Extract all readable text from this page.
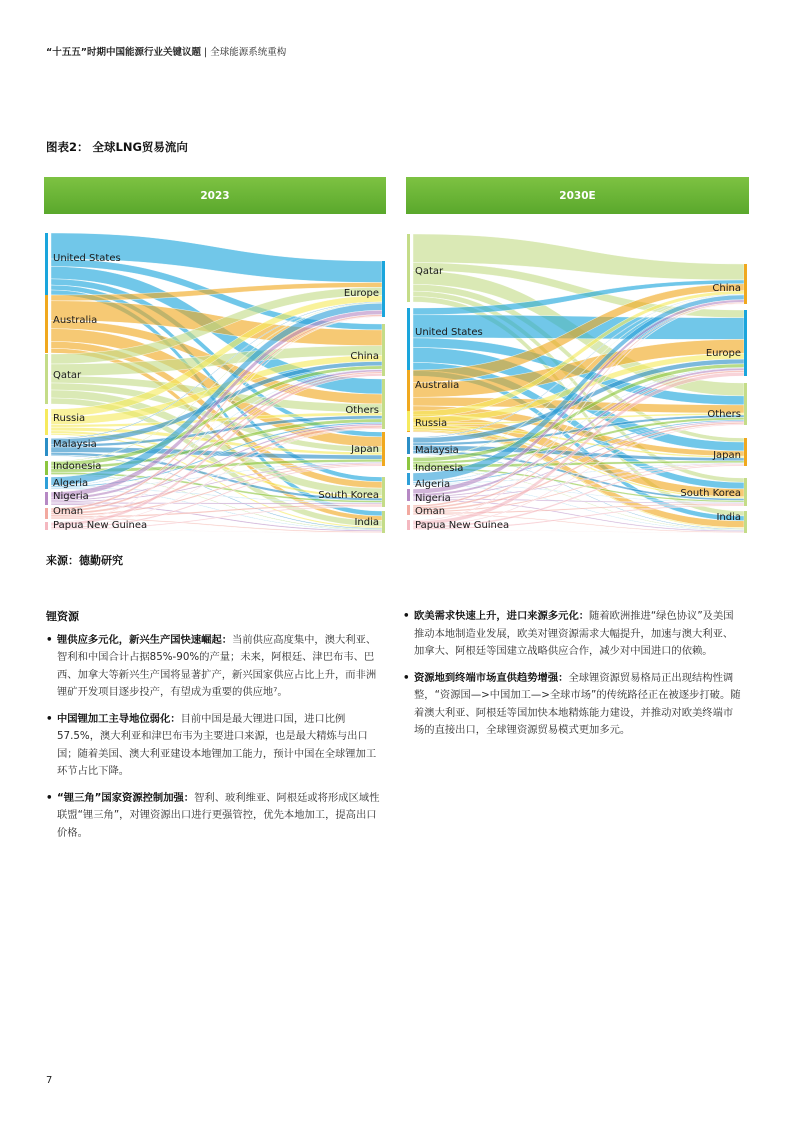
“十五五”时期中国能源行业关键议题 | 全球能源系统重构
图表2： 全球LNG贸易流向
2023	2030E
United States
Australia
Qatar
Russia
Malaysia
Indonesia
Algeria
Nigeria
Oman
Papua New Guinea
Europe
China
Others
Japan
South Korea
India
Qatar
United States
Australia
Russia
Malaysia
Indonesia
Algeria
Nigeria
Oman
Papua New Guinea
China
Europe
Others
Japan
South Korea
India
来源：德勤研究
锂资源
• 锂供应多元化，新兴生产国快速崛起：当前供应高度集中，澳大利亚、智利和中国合计占据85%-90%的产量；未来，阿根廷、津巴布韦、巴西、加拿大等新兴生产国将显著扩产，新兴国家供应占比上升，而非洲锂矿开发项目逐步投产，有望成为重要的供应地⁷。
• 中国锂加工主导地位弱化：目前中国是最大锂进口国，进口比例57.5%，澳大利亚和津巴布韦为主要进口来源，也是最大精炼与出口国；随着美国、澳大利亚建设本地锂加工能力，预计中国在全球锂加工环节占比下降。
• “锂三角”国家资源控制加强：智利、玻利维亚、阿根廷或将形成区域性联盟“锂三角”，对锂资源出口进行更强管控，优先本地加工，提高出口价格。
• 欧美需求快速上升，进口来源多元化：随着欧洲推进“绿色协议”及美国推动本地制造业发展，欧美对锂资源需求大幅提升，加速与澳大利亚、加拿大、阿根廷等国建立战略供应合作，减少对中国进口的依赖。
• 资源地到终端市场直供趋势增强：全球锂资源贸易格局正出现结构性调整，“资源国—>中国加工—>全球市场”的传统路径正在被逐步打破。随着澳大利亚、阿根廷等国加快本地精炼能力建设，并推动对欧美终端市场的直接出口，全球锂资源贸易模式更加多元。
7
